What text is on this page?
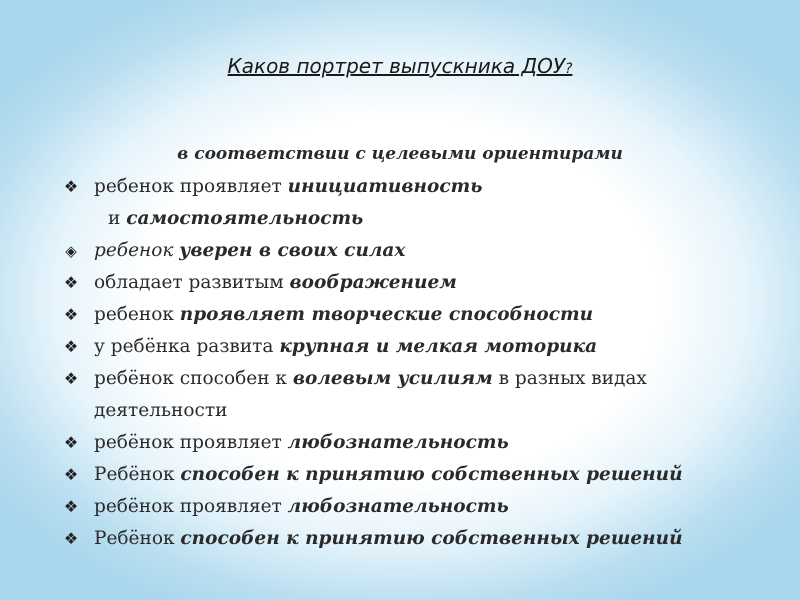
Каков портрет выпускника ДОУ?
в соответствии с целевыми ориентирами
❖ ребенок проявляет инициативность
и самостоятельность
◈ ребенок уверен в своих силах
❖ обладает развитым воображением
❖ ребенок проявляет творческие способности
❖ у ребёнка развита крупная и мелкая моторика
❖ ребёнок способен к волевым усилиям в разных видах
деятельности
❖ ребёнок проявляет любознательность
❖ Ребёнок способен к принятию собственных решений
❖ ребёнок проявляет любознательность
❖ Ребёнок способен к принятию собственных решений
